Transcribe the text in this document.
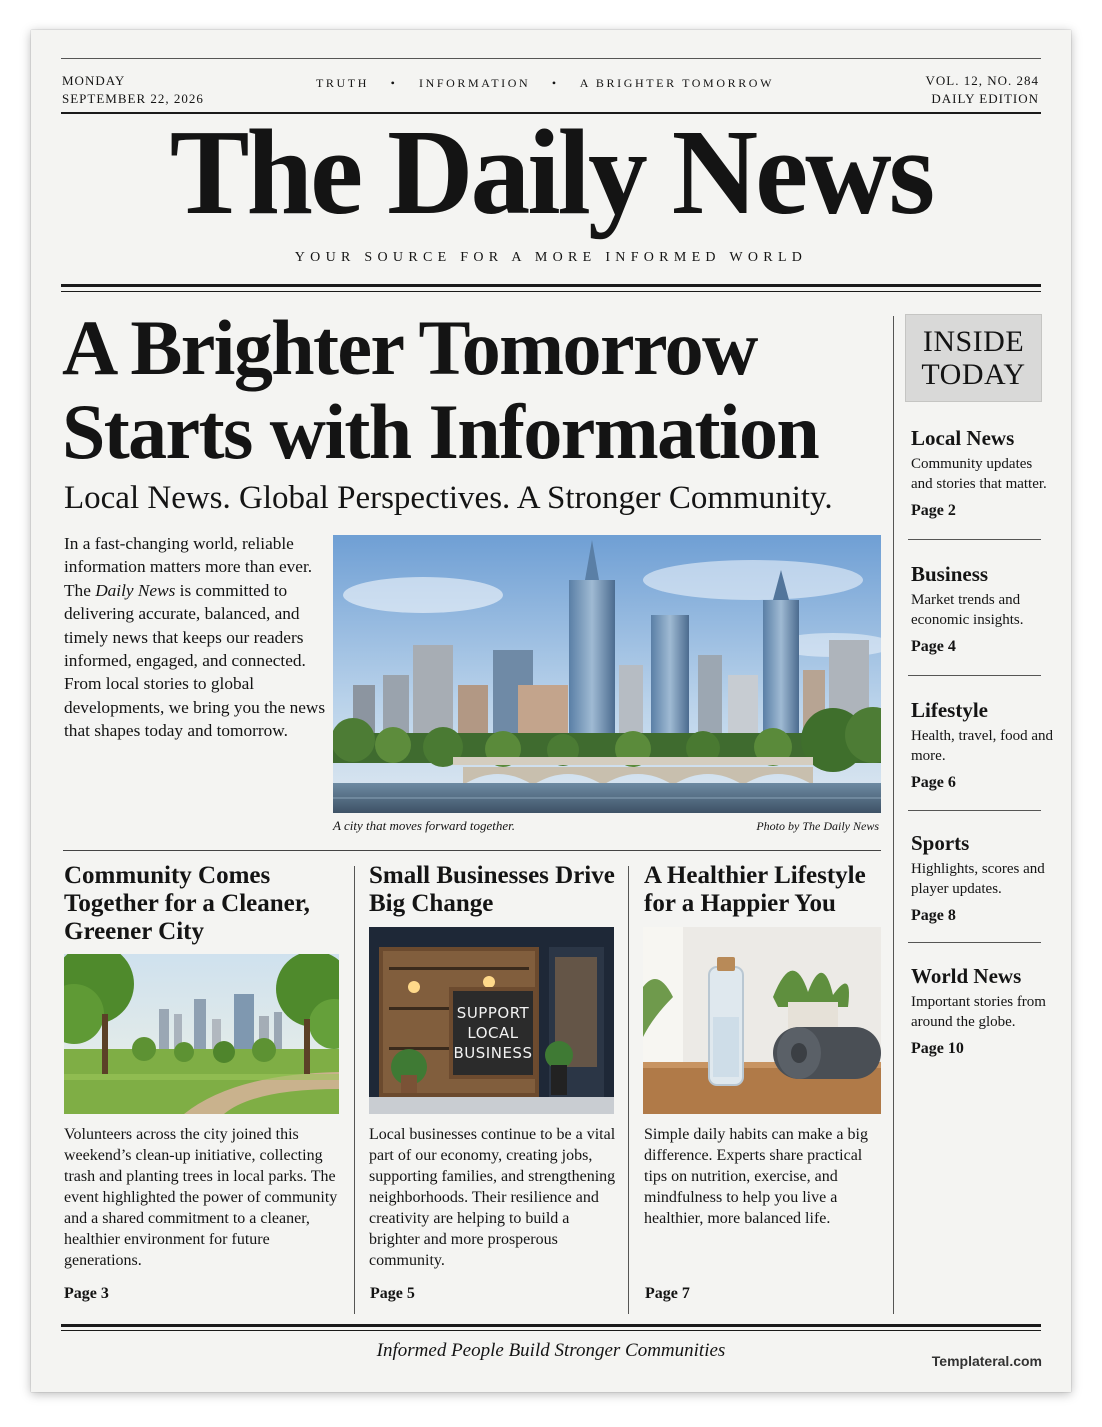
MONDAY
SEPTEMBER 22, 2026
TRUTH • INFORMATION • A BRIGHTER TOMORROW	VOL. 12, NO. 284
DAILY EDITION
The Daily News
YOUR SOURCE FOR A MORE INFORMED WORLD
A Brighter Tomorrow
Starts with Information
Local News. Global Perspectives. A Stronger Community.
In a fast-changing world, reliable information matters more than ever. The Daily News is committed to delivering accurate, balanced, and timely news that keeps our readers informed, engaged, and connected. From local stories to global developments, we bring you the news that shapes today and tomorrow.
A city that moves forward together.	Photo by The Daily News
Community Comes Together for a Cleaner, Greener City
Volunteers across the city joined this weekend’s clean-up initiative, collecting trash and planting trees in local parks. The event highlighted the power of community and a shared commitment to a cleaner, healthier environment for future generations.
Page 3
Small Businesses Drive Big Change
SUPPORT
LOCAL
BUSINESS
Local businesses continue to be a vital part of our economy, creating jobs, supporting families, and strengthening neighborhoods. Their resilience and creativity are helping to build a brighter and more prosperous community.
Page 5
A Healthier Lifestyle for a Happier You
Simple daily habits can make a big difference. Experts share practical tips on nutrition, exercise, and mindfulness to help you live a healthier, more balanced life.
Page 7
INSIDE
TODAY
Local News
Community updates and stories that matter.
Page 2
Business
Market trends and economic insights.
Page 4
Lifestyle
Health, travel, food and more.
Page 6
Sports
Highlights, scores and player updates.
Page 8
World News
Important stories from around the globe.
Page 10
Informed People Build Stronger Communities	Templateral.com
